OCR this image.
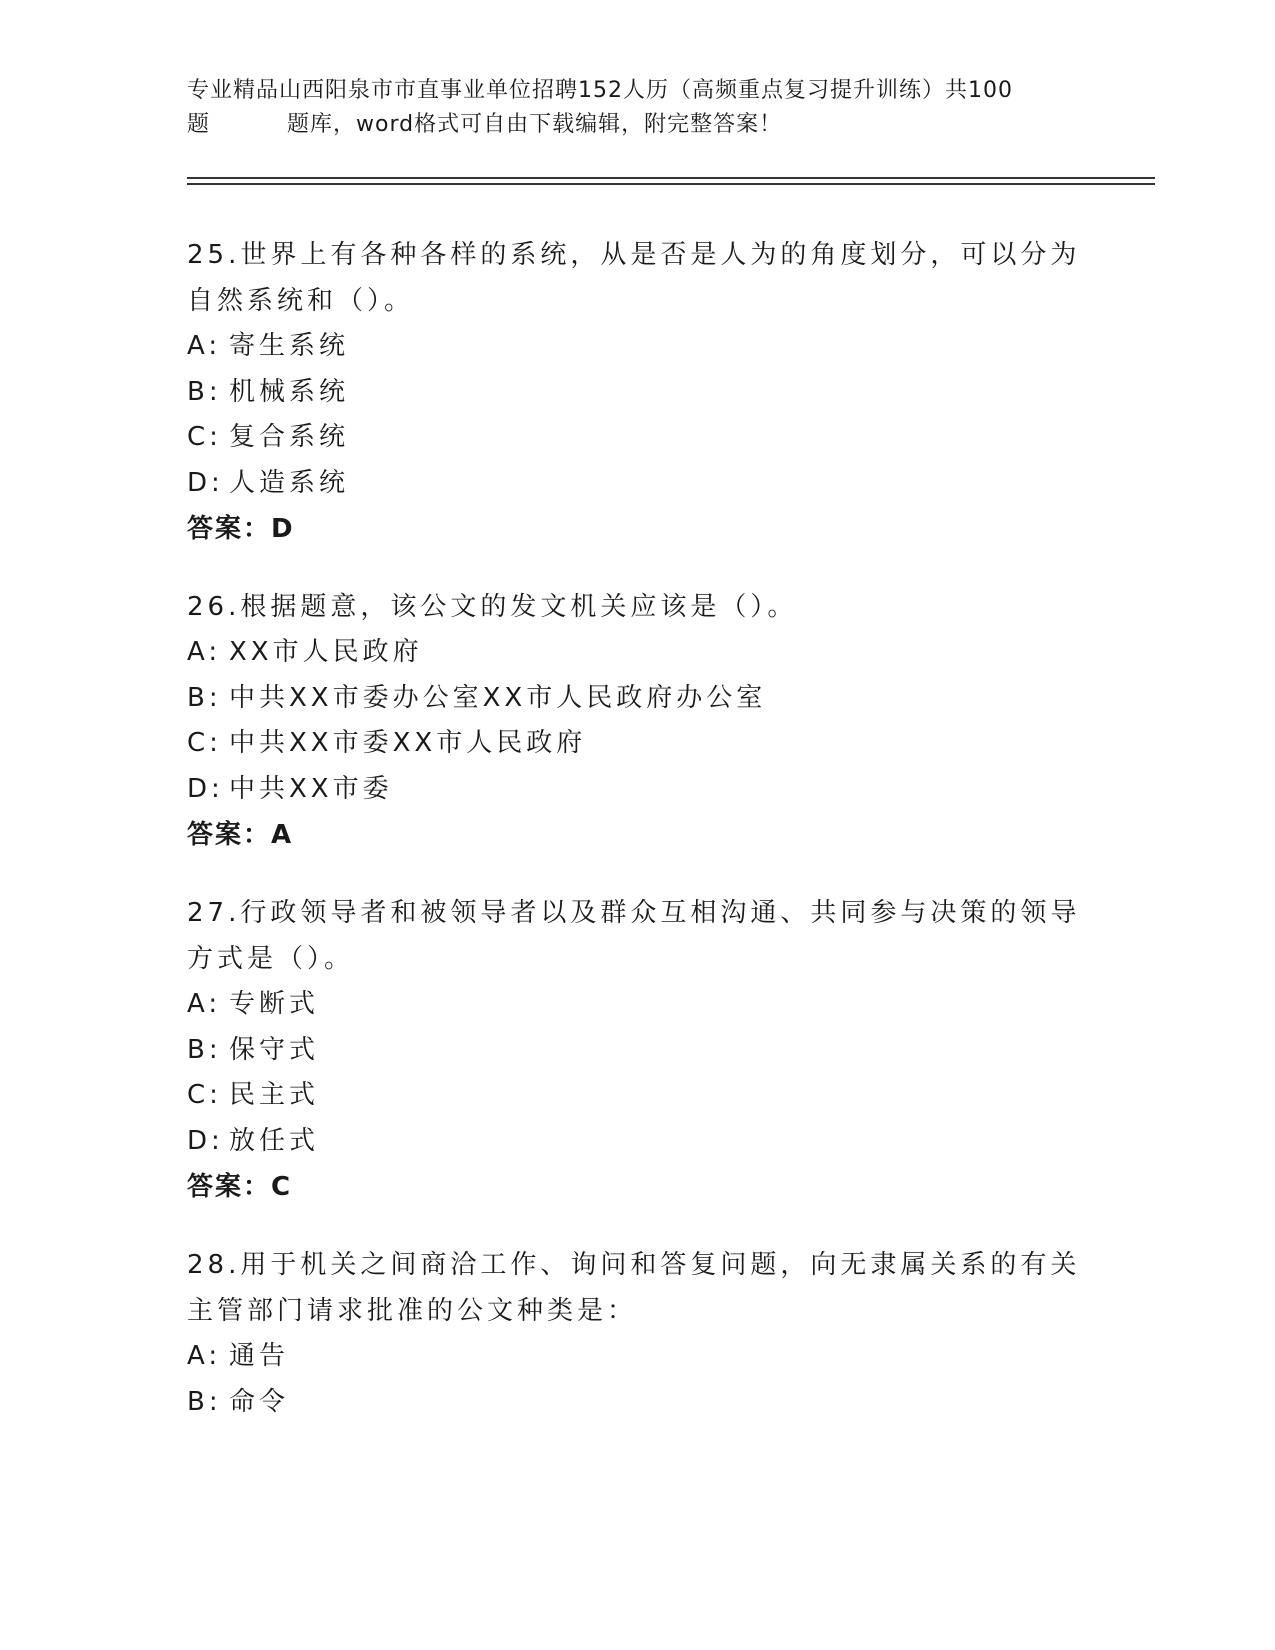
专业精品山西阳泉市市直事业单位招聘152人历（高频重点复习提升训练）共100
题	题库，word格式可自由下载编辑，附完整答案！
25.世界上有各种各样的系统，从是否是人为的角度划分，可以分为自然系统和（）。
A: 寄生系统
B: 机械系统
C: 复合系统
D: 人造系统
答案：D
26.根据题意，该公文的发文机关应该是（）。
A: XX市人民政府
B: 中共XX市委办公室XX市人民政府办公室
C: 中共XX市委XX市人民政府
D: 中共XX市委
答案：A
27.行政领导者和被领导者以及群众互相沟通、共同参与决策的领导方式是（）。
A: 专断式
B: 保守式
C: 民主式
D: 放任式
答案：C
28.用于机关之间商洽工作、询问和答复问题，向无隶属关系的有关主管部门请求批准的公文种类是：
A: 通告
B: 命令
